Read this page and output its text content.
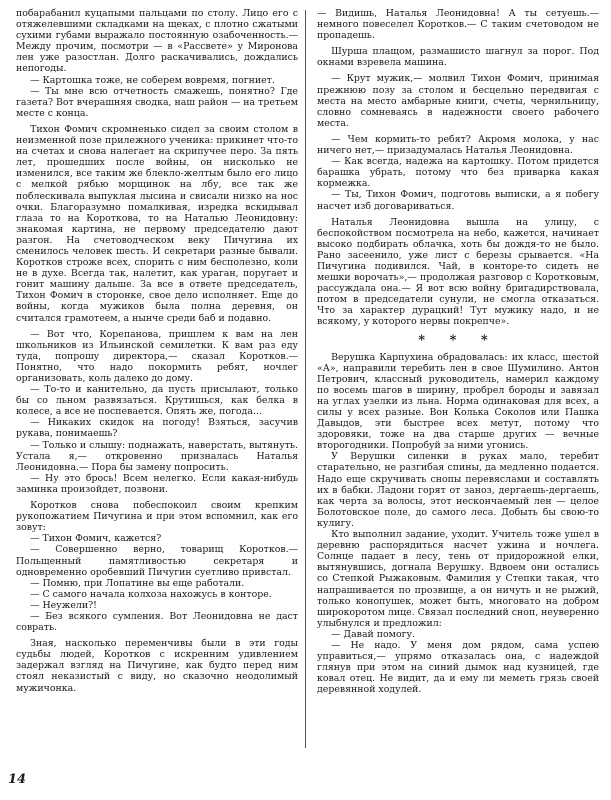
побарабанил куцапыми пальцами по столу. Лицо его с отяжелевшими складками на щеках, с плотно сжатыми сухими губами выражало постоянную озабоченность.— Между прочим, посмотри — в «Рассвете» у Миронова лен уже разостлан. Долго раскачивались, дождались непогоды.

— Картошка тоже, не соберем вовремя, погниет.

— Ты мне всю отчетность смажешь, понятно? Где газета? Вот вчерашняя сводка, наш район — на третьем месте с конца.

Тихон Фомич скромненько сидел за своим столом в неизменной позе прилежного ученика: прикинет что-то на счетах и снова налегает на скрипучее перо. За пять лет, прошедших после войны, он нисколько не изменился, все таким же блекло-желтым было его лицо с мелкой рябью морщинок на лбу, все так же поблескивала выпуклая лысина и свисали низко на нос очки. Благоразумно помалкивая, изредка вскидывал глаза то на Короткова, то на Наталью Леонидовну: знакомая картина, не первому председателю дают разгон. На счетоводческом веку Пичугина их сменилось человек шесть. И секретари разные бывали. Коротков строже всех, спорить с ним бесполезно, коли не в духе. Всегда так, налетит, как ураган, поругает и гонит машину дальше. За все в ответе председатель, Тихон Фомич в сторонке, свое дело исполняет. Еще до войны, когда мужиков была полна деревня, он считался грамотеем, а нынче среди баб и подавно.

— Вот что, Корепанова, пришлем к вам на лен школьников из Ильинской семилетки. К вам раз еду туда, попрошу директора,— сказал Коротков.— Понятно, что надо покормить ребят, ночлег организовать, коль далеко до дому.

— То-то и канительно, да пусть присылают, только бы со льном развязаться. Крутишься, как белка в колесе, а все не поспевается. Опять же, погода...

— Никаких скидок на погоду! Взяться, засучив рукава, понимаешь?

— Только и слышу: поднажать, наверстать, вытянуть. Устала я,— откровенно призналась Наталья Леонидовна.— Пора бы замену попросить.

— Ну это брось! Всем нелегко. Если какая-нибудь заминка произойдет, позвони.

Коротков снова побеспокоил своим крепким рукопожатием Пичугина и при этом вспомнил, как его зовут:

— Тихон Фомич, кажется?

— Совершенно верно, товарищ Коротков.— Польщенный памятливостью секретаря и одновременно оробевший Пичугин суетливо привстал.

— Помню, при Лопатине вы еще работали.

— С самого начала колхоза нахожусь в конторе.

— Неужели?!

— Без всякого сумления. Вот Леонидовна не даст соврать.

Зная, насколько переменчивы были в эти годы судьбы людей, Коротков с искренним удивлением задержал взгляд на Пичугине, как будто перед ним стоял неказистый с виду, но сказочно неодолимый мужичонка.

— Видишь, Наталья Леонидовна! А ты сетуешь.— немного повеселел Коротков.— С таким счетоводом не пропадешь.

Шурша плащом, размашисто шагнул за порог. Под окнами взревела машина.

— Крут мужик,— молвил Тихон Фомич, принимая прежнюю позу за столом и бесцельно передвигая с места на место амбарные книги, счеты, чернильницу, словно сомневаясь в надежности своего рабочего места.

— Чем кормить-то ребят? Акромя молока, у нас ничего нет,— призадумалась Наталья Леонидовна.

— Как всегда, надежа на картошку. Потом придется барашка убрать, потому что без приварка какая кормежка.

— Ты, Тихон Фомич, подготовь выписки, а я побегу насчет изб договариваться.

Наталья Леонидовна вышла на улицу, с беспокойством посмотрела на небо, кажется, начинает высоко подбирать облачка, хоть бы дождя-то не было. Рано засеенило, уже лист с березы срывается. «На Пичугина подивился. Чай, в конторе-то сидеть не мешки ворочать»,— продолжая разговор с Коротковым, рассуждала она.— Я вот всю войну бригадирствовала, потом в председатели сунули, не смогла отказаться. Что за характер дурацкий! Тут мужику надо, и не всякому, у которого нервы покрепче».

* * *

Верушка Карпухина обрадовалась: их класс, шестой «А», направили теребить лен в свое Шумилино. Антон Петрович, классный руководитель, намерил каждому по восемь шагов в ширину, пробрел бороды и завязал на углах узелки из льна. Норма одинаковая для всех, а силы у всех разные. Вон Колька Соколов или Пашка Давыдов, эти быстрее всех метут, потому что здоровяки, тоже на два старше других — вечные второгодники. Попробуй за ними угонись.

У Верушки силенки в руках мало, теребит старательно, не разгибая спины, да медленно подается. Надо еще скручивать снопы перевяслами и составлять их в бабки. Ладони горят от заноз, дергаешь-дергаешь, как черта за волосы, этот нескончаемый лен — целое Болотовское поле, до самого леса. Добыть бы свою-то кулигу.

Кто выполнил задание, уходит. Учитель тоже ушел в деревню распорядиться насчет ужина и ночлега. Солнце падает в лесу, тень от придорожной елки, вытянувшись, догнала Верушку. Вдвоем они остались со Степкой Рыжаковым. Фамилия у Степки такая, что напрашивается по прозвище, а он ничуть и не рыжий, только конопушек, может быть, многовато на добром широкоротом лице. Связал последний сноп, неуверенно улыбнулся и предложил:

— Давай помогу.

— Не надо. У меня дом рядом, сама успею управиться,— упрямо отказалась она, с надеждой глянув при этом на синий дымок над кузницей, где ковал отец. Не видит, да и ему ли меметь грязь своей деревянной ходулей.

14
